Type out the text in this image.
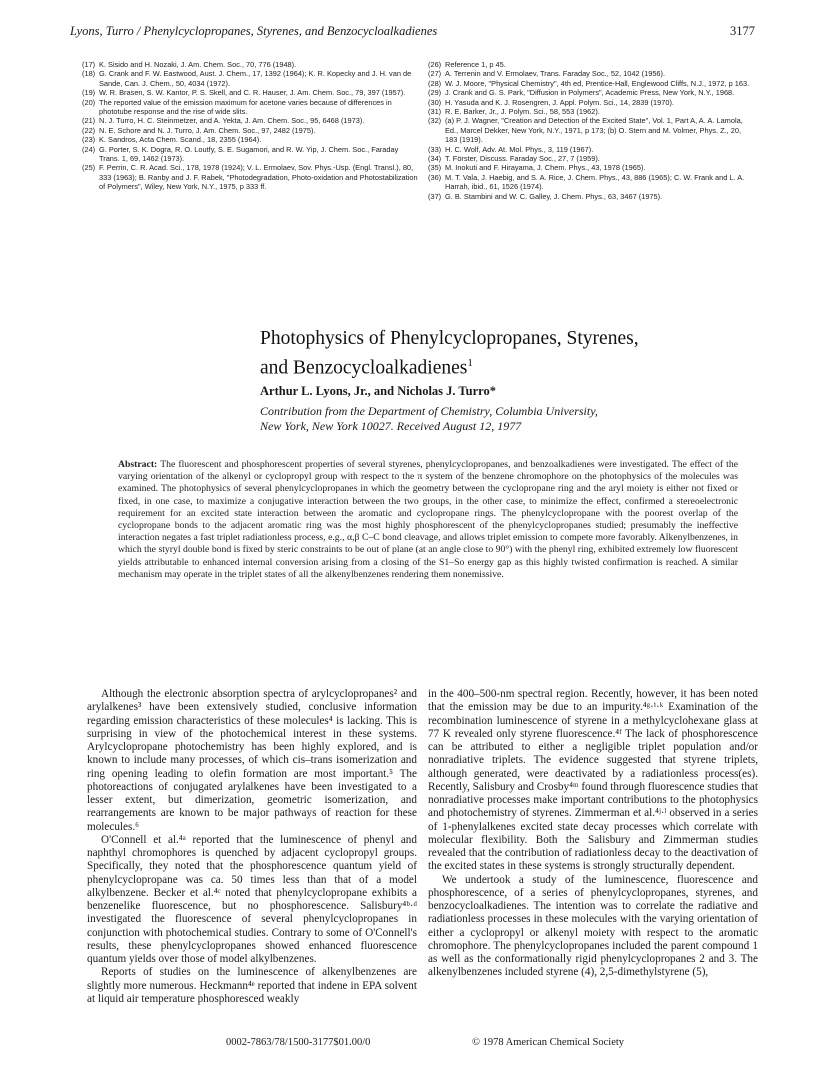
Lyons, Turro / Phenylcyclopropanes, Styrenes, and Benzocycloalkadienes	3177
(17) K. Sisido and H. Nozaki, J. Am. Chem. Soc., 70, 776 (1948).
(18) G. Crank and F. W. Eastwood, Aust. J. Chem., 17, 1392 (1964); K. R. Kopecky and J. H. van de Sande, Can. J. Chem., 50, 4034 (1972).
(19) W. R. Brasen, S. W. Kantor, P. S. Skell, and C. R. Hauser, J. Am. Chem. Soc., 79, 397 (1957).
(20) The reported value of the emission maximum for acetone varies because of differences in phototube response and the rise of wide slits.
(21) N. J. Turro, H. C. Steinmetzer, and A. Yekta, J. Am. Chem. Soc., 95, 6468 (1973).
(22) N. E. Schore and N. J. Turro, J. Am. Chem. Soc., 97, 2482 (1975).
(23) K. Sandros, Acta Chem. Scand., 18, 2355 (1964).
(24) G. Porter, S. K. Dogra, R. O. Loutfy, S. E. Sugamori, and R. W. Yip, J. Chem. Soc., Faraday Trans. 1, 69, 1462 (1973).
(25) F. Perrin, C. R. Acad. Sci., 178, 1978 (1924); V. L. Ermolaev, Sov. Phys.-Usp. (Engl. Transl.), 80, 333 (1963); B. Ranby and J. F. Rabek, "Photodegradation, Photo-oxidation and Photostabilization of Polymers", Wiley, New York, N.Y., 1975, p 333 ff.
(26) Reference 1, p 45.
(27) A. Terrenin and V. Ermolaev, Trans. Faraday Soc., 52, 1042 (1956).
(28) W. J. Moore, "Physical Chemistry", 4th ed, Prentice-Hall, Englewood Cliffs, N.J., 1972, p 163.
(29) J. Crank and G. S. Park, "Diffusion in Polymers", Academic Press, New York, N.Y., 1968.
(30) H. Yasuda and K. J. Rosengren, J. Appl. Polym. Sci., 14, 2839 (1970).
(31) R. E. Barker, Jr., J. Polym. Sci., 58, 553 (1962).
(32) (a) P. J. Wagner, "Creation and Detection of the Excited State", Vol. 1, Part A, A. A. Lamola, Ed., Marcel Dekker, New York, N.Y., 1971, p 173; (b) O. Stern and M. Volmer, Phys. Z., 20, 183 (1919).
(33) H. C. Wolf, Adv. At. Mol. Phys., 3, 119 (1967).
(34) T. Förster, Discuss. Faraday Soc., 27, 7 (1959).
(35) M. Inokuti and F. Hirayama, J. Chem. Phys., 43, 1978 (1965).
(36) M. T. Vala, J. Haebig, and S. A. Rice, J. Chem. Phys., 43, 886 (1965); C. W. Frank and L. A. Harrah, ibid., 61, 1526 (1974).
(37) G. B. Stambini and W. C. Galley, J. Chem. Phys., 63, 3467 (1975).
Photophysics of Phenylcyclopropanes, Styrenes,
and Benzocycloalkadienes$^1$
Arthur L. Lyons, Jr., and Nicholas J. Turro*
Contribution from the Department of Chemistry, Columbia University,
New York, New York 10027. Received August 12, 1977
Abstract: The fluorescent and phosphorescent properties of several styrenes, phenylcyclopropanes, and benzoalkadienes were investigated. The effect of the varying orientation of the alkenyl or cyclopropyl group with respect to the π system of the benzene chromophore on the photophysics of the molecules was examined. The photophysics of several phenylcyclopropanes in which the geometry between the cyclopropane ring and the aryl moiety is either not fixed or fixed, in one case, to maximize a conjugative interaction between the two groups, in the other case, to minimize the effect, confirmed a stereoelectronic requirement for an excited state interaction between the aromatic and cyclopropane rings. The phenylcyclopropane with the poorest overlap of the cyclopropane bonds to the adjacent aromatic ring was the most highly phosphorescent of the phenylcyclopropanes studied; presumably the ineffective interaction negates a fast triplet radiationless process, e.g., α,β C–C bond cleavage, and allows triplet emission to compete more favorably. Alkenylbenzenes, in which the styryl double bond is fixed by steric constraints to be out of plane (at an angle close to 90°) with the phenyl ring, exhibited extremely low fluorescent yields attributable to enhanced internal conversion arising from a closing of the S1–So energy gap as this highly twisted confirmation is reached. A similar mechanism may operate in the triplet states of all the alkenylbenzenes rendering them nonemissive.

Although the electronic absorption spectra of arylcyclopropanes² and arylalkenes³ have been extensively studied, conclusive information regarding emission characteristics of these molecules⁴ is lacking. This is surprising in view of the photochemical interest in these systems. Arylcyclopropane photochemistry has been highly explored, and is known to include many processes, of which cis–trans isomerization and ring opening leading to olefin formation are most important.⁵ The photoreactions of conjugated arylalkenes have been investigated to a lesser extent, but dimerization, geometric isomerization, and rearrangements are known to be major pathways of reaction for these molecules.⁶

O'Connell et al.⁴ᵃ reported that the luminescence of phenyl and naphthyl chromophores is quenched by adjacent cyclopropyl groups. Specifically, they noted that the phosphorescence quantum yield of phenylcyclopropane was ca. 50 times less than that of a model alkylbenzene. Becker et al.⁴ᶜ noted that phenylcyclopropane exhibits a benzenelike fluorescence, but no phosphorescence. Salisbury⁴ᵇ·ᵈ investigated the fluorescence of several phenylcyclopropanes in conjunction with photochemical studies. Contrary to some of O'Connell's results, these phenylcyclopropanes showed enhanced fluorescence quantum yields over those of model alkylbenzenes.

Reports of studies on the luminescence of alkenylbenzenes are slightly more numerous. Heckmann⁴ᵉ reported that indene in EPA solvent at liquid air temperature phosphoresced weakly

in the 400–500-nm spectral region. Recently, however, it has been noted that the emission may be due to an impurity.⁴ᵍ·ⁱ·ᵏ Examination of the recombination luminescence of styrene in a methylcyclohexane glass at 77 K revealed only styrene fluorescence.⁴ᶠ The lack of phosphorescence can be attributed to either a negligible triplet population and/or nonradiative triplets. The evidence suggested that styrene triplets, although generated, were deactivated by a radiationless process(es). Recently, Salisbury and Crosby⁴ᵐ found through fluorescence studies that nonradiative processes make important contributions to the photophysics and photochemistry of styrenes. Zimmerman et al.⁴ʲ·ˡ observed in a series of 1-phenylalkenes excited state decay processes which correlate with molecular flexibility. Both the Salisbury and Zimmerman studies revealed that the contribution of radiationless decay to the deactivation of the excited states in these systems is strongly structurally dependent.

We undertook a study of the luminescence, fluorescence and phosphorescence, of a series of phenylcyclopropanes, styrenes, and benzocycloalkadienes. The intention was to correlate the radiative and radiationless processes in these molecules with the varying orientation of either a cyclopropyl or alkenyl moiety with respect to the aromatic chromophore. The phenylcyclopropanes included the parent compound 1 as well as the conformationally rigid phenylcyclopropanes 2 and 3. The alkenylbenzenes included styrene (4), 2,5-dimethylstyrene (5),

0002-7863/78/1500-3177$01.00/0	© 1978 American Chemical Society
